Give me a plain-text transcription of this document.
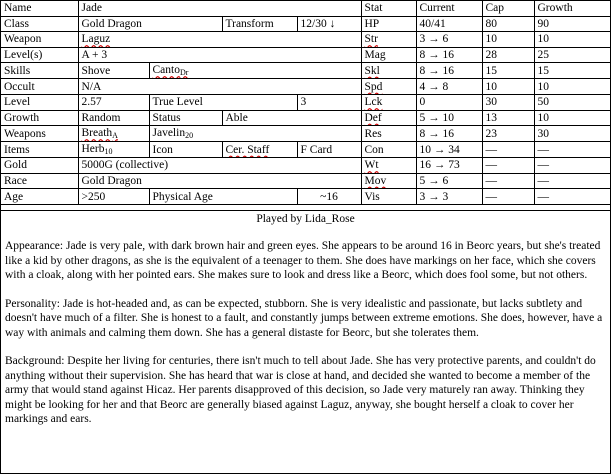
Name	Jade				Stat	Current	Cap	Growth
Class	Gold Dragon		Transform	12/30 ↓	HP	40/41	80	90
Weapon	Laguz				Str	3 → 6	10	10
Level(s)	A + 3				Mag	8 → 16	28	25
Skills	Shove	Canto$_{Dr}$			Skl	8 → 16	15	15
Occult	N/A				Spd	4 → 8	10	10
Level	2.57	True Level		3	Lck	0	30	50
Growth	Random	Status	Able		Def	5 → 10	13	10
Weapons	Breath$_A$	Javelin$_{20}$			Res	8 → 16	23	30
Items	Herb$_{10}$	Icon	Cer. Staff	F Card	Con	10 → 34	—	—
Gold	5000G (collective)				Wt	16 → 73	—	—
Race	Gold Dragon				Mov	5 → 6	—	—
Age	>250	Physical Age		~16	Vis	3 → 3	—	—
Played by Lida_Rose

Appearance: Jade is very pale, with dark brown hair and green eyes. She appears to be around 16 in Beorc years, but she's treated like a kid by other dragons, as she is the equivalent of a teenager to them. She does have markings on her face, which she covers with a cloak, along with her pointed ears. She makes sure to look and dress like a Beorc, which does fool some, but not others.

Personality: Jade is hot-headed and, as can be expected, stubborn. She is very idealistic and passionate, but lacks subtlety and doesn't have much of a filter. She is honest to a fault, and constantly jumps between extreme emotions. She does, however, have a way with animals and calming them down. She has a general distaste for Beorc, but she tolerates them.

Background: Despite her living for centuries, there isn't much to tell about Jade. She has very protective parents, and couldn't do anything without their supervision. She has heard that war is close at hand, and decided she wanted to become a member of the army that would stand against Hicaz. Her parents disapproved of this decision, so Jade very maturely ran away. Thinking they might be looking for her and that Beorc are generally biased against Laguz, anyway, she bought herself a cloak to cover her markings and ears.
